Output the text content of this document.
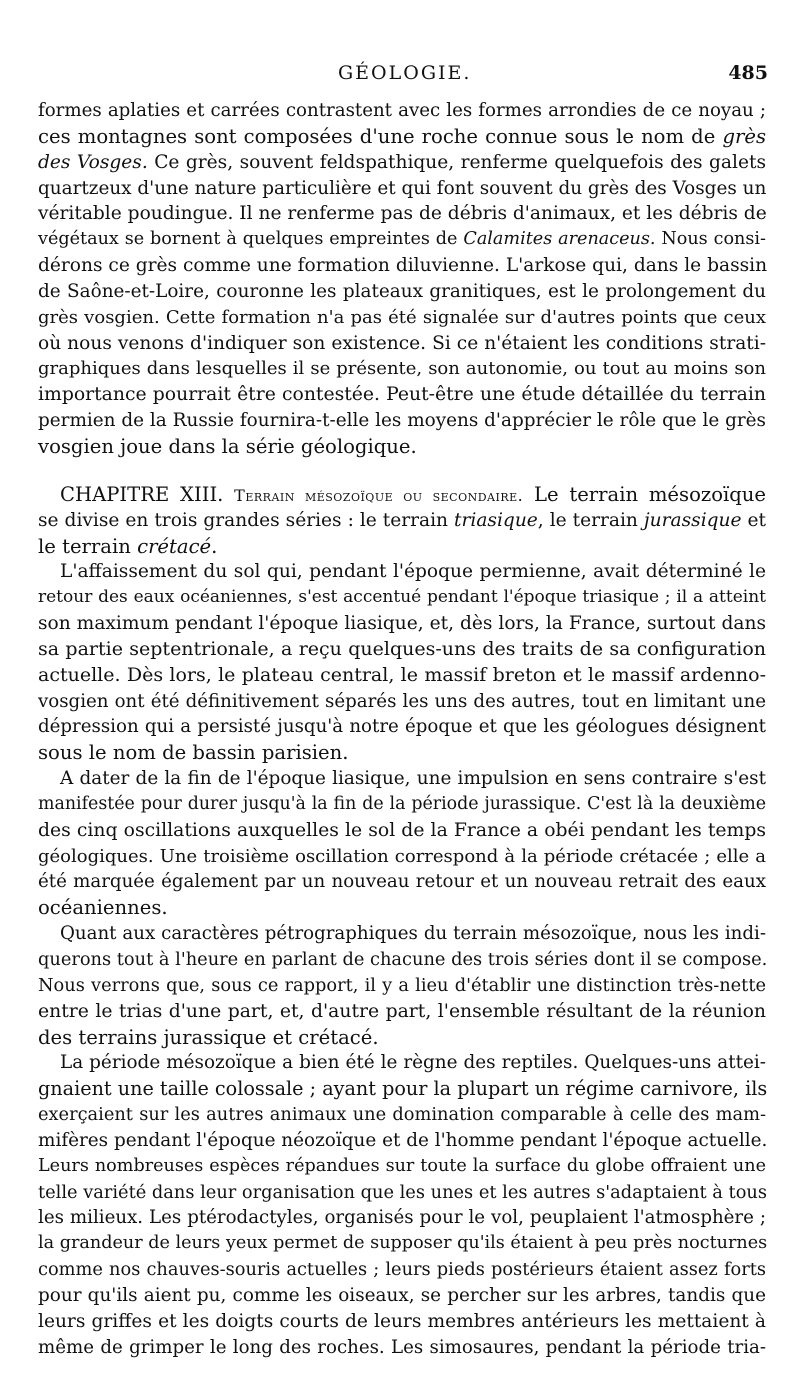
GÉOLOGIE.	485
formes aplaties et carrées contrastent avec les formes arrondies de ce noyau ;
ces montagnes sont composées d'une roche connue sous le nom de grès
des Vosges. Ce grès, souvent feldspathique, renferme quelquefois des galets
quartzeux d'une nature particulière et qui font souvent du grès des Vosges un
véritable poudingue. Il ne renferme pas de débris d'animaux, et les débris de
végétaux se bornent à quelques empreintes de Calamites arenaceus. Nous consi-
dérons ce grès comme une formation diluvienne. L'arkose qui, dans le bassin
de Saône-et-Loire, couronne les plateaux granitiques, est le prolongement du
grès vosgien. Cette formation n'a pas été signalée sur d'autres points que ceux
où nous venons d'indiquer son existence. Si ce n'étaient les conditions strati-
graphiques dans lesquelles il se présente, son autonomie, ou tout au moins son
importance pourrait être contestée. Peut-être une étude détaillée du terrain
permien de la Russie fournira-t-elle les moyens d'apprécier le rôle que le grès
vosgien joue dans la série géologique.
CHAPITRE XIII. Terrain mésozoïque ou secondaire. Le terrain mésozoïque
se divise en trois grandes séries : le terrain triasique, le terrain jurassique et
le terrain crétacé.
L'affaissement du sol qui, pendant l'époque permienne, avait déterminé le
retour des eaux océaniennes, s'est accentué pendant l'époque triasique ; il a atteint
son maximum pendant l'époque liasique, et, dès lors, la France, surtout dans
sa partie septentrionale, a reçu quelques-uns des traits de sa configuration
actuelle. Dès lors, le plateau central, le massif breton et le massif ardenno-
vosgien ont été définitivement séparés les uns des autres, tout en limitant une
dépression qui a persisté jusqu'à notre époque et que les géologues désignent
sous le nom de bassin parisien.
A dater de la fin de l'époque liasique, une impulsion en sens contraire s'est
manifestée pour durer jusqu'à la fin de la période jurassique. C'est là la deuxième
des cinq oscillations auxquelles le sol de la France a obéi pendant les temps
géologiques. Une troisième oscillation correspond à la période crétacée ; elle a
été marquée également par un nouveau retour et un nouveau retrait des eaux
océaniennes.
Quant aux caractères pétrographiques du terrain mésozoïque, nous les indi-
querons tout à l'heure en parlant de chacune des trois séries dont il se compose.
Nous verrons que, sous ce rapport, il y a lieu d'établir une distinction très-nette
entre le trias d'une part, et, d'autre part, l'ensemble résultant de la réunion
des terrains jurassique et crétacé.
La période mésozoïque a bien été le règne des reptiles. Quelques-uns attei-
gnaient une taille colossale ; ayant pour la plupart un régime carnivore, ils
exerçaient sur les autres animaux une domination comparable à celle des mam-
mifères pendant l'époque néozoïque et de l'homme pendant l'époque actuelle.
Leurs nombreuses espèces répandues sur toute la surface du globe offraient une
telle variété dans leur organisation que les unes et les autres s'adaptaient à tous
les milieux. Les ptérodactyles, organisés pour le vol, peuplaient l'atmosphère ;
la grandeur de leurs yeux permet de supposer qu'ils étaient à peu près nocturnes
comme nos chauves-souris actuelles ; leurs pieds postérieurs étaient assez forts
pour qu'ils aient pu, comme les oiseaux, se percher sur les arbres, tandis que
leurs griffes et les doigts courts de leurs membres antérieurs les mettaient à
même de grimper le long des roches. Les simosaures, pendant la période tria-
